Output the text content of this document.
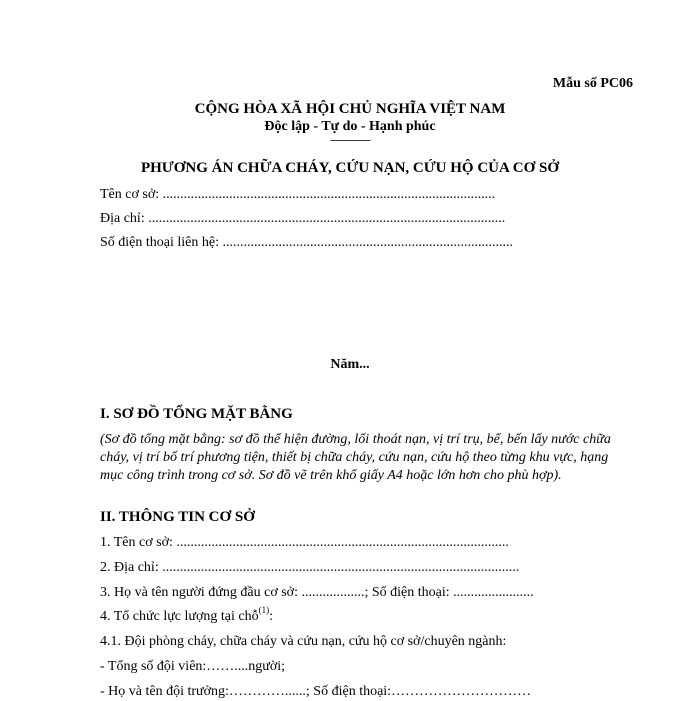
Mẫu số PC06
CỘNG HÒA XÃ HỘI CHỦ NGHĨA VIỆT NAM
Độc lập - Tự do - Hạnh phúc
---------------
PHƯƠNG ÁN CHỮA CHÁY, CỨU NẠN, CỨU HỘ CỦA CƠ SỞ
Tên cơ sở: ...............................................................................................
Địa chỉ: ......................................................................................................
Số điện thoại liên hệ: ...................................................................................
Năm...
I. SƠ ĐỒ TỔNG MẶT BẰNG
(Sơ đồ tổng mặt bằng: sơ đồ thể hiện đường, lối thoát nạn, vị trí trụ, bể, bến lấy nước chữa cháy, vị trí bố trí phương tiện, thiết bị chữa cháy, cứu nạn, cứu hộ theo từng khu vực, hạng mục công trình trong cơ sở. Sơ đồ vẽ trên khổ giấy A4 hoặc lớn hơn cho phù hợp).
II. THÔNG TIN CƠ SỞ
1. Tên cơ sở: ...............................................................................................
2. Địa chỉ: ......................................................................................................
3. Họ và tên người đứng đầu cơ sở: ..................; Số điện thoại: .......................
4. Tổ chức lực lượng tại chỗ$^{(1)}$:
4.1. Đội phòng cháy, chữa cháy và cứu nạn, cứu hộ cơ sở/chuyên ngành:
- Tổng số đội viên:……....người;
- Họ và tên đội trưởng:…………......; Số điện thoại:…………………………
